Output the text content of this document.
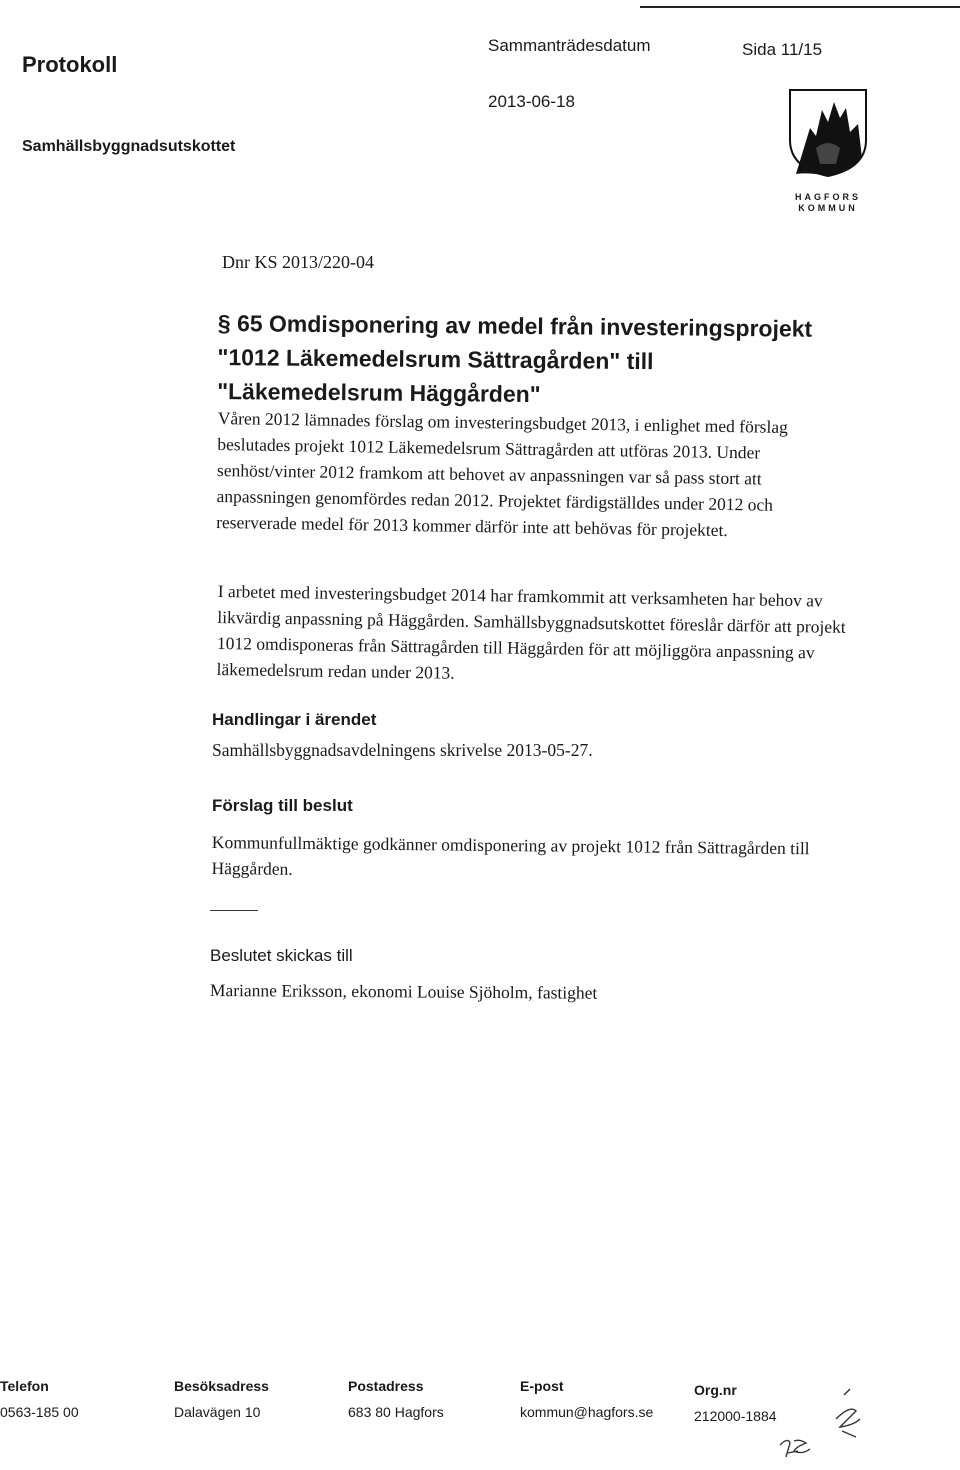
Protokoll
Samhällsbyggnadsutskottet
Sammanträdesdatum
2013-06-18
Sida 11/15
HAGFORS
KOMMUN
Dnr KS 2013/220-04
§ 65 Omdisponering av medel från investeringsprojekt
"1012 Läkemedelsrum Sättragården" till
"Läkemedelsrum Häggården"
Våren 2012 lämnades förslag om investeringsbudget 2013, i enlighet med förslag beslutades projekt 1012 Läkemedelsrum Sättragården att utföras 2013. Under senhöst/vinter 2012 framkom att behovet av anpassningen var så pass stort att anpassningen genomfördes redan 2012. Projektet färdigställdes under 2012 och reserverade medel för 2013 kommer därför inte att behövas för projektet.
I arbetet med investeringsbudget 2014 har framkommit att verksamheten har behov av likvärdig anpassning på Häggården. Samhällsbyggnadsutskottet föreslår därför att projekt 1012 omdisponeras från Sättragården till Häggården för att möjliggöra anpassning av läkemedelsrum redan under 2013.
Handlingar i ärendet
Samhällsbyggnadsavdelningens skrivelse 2013-05-27.
Förslag till beslut
Kommunfullmäktige godkänner omdisponering av projekt 1012 från Sättragården till Häggården.
Beslutet skickas till
Marianne Eriksson, ekonomi Louise Sjöholm, fastighet
Telefon
0563-185 00
Besöksadress
Dalavägen 10
Postadress
683 80 Hagfors
E-post
kommun@hagfors.se
Org.nr
212000-1884
